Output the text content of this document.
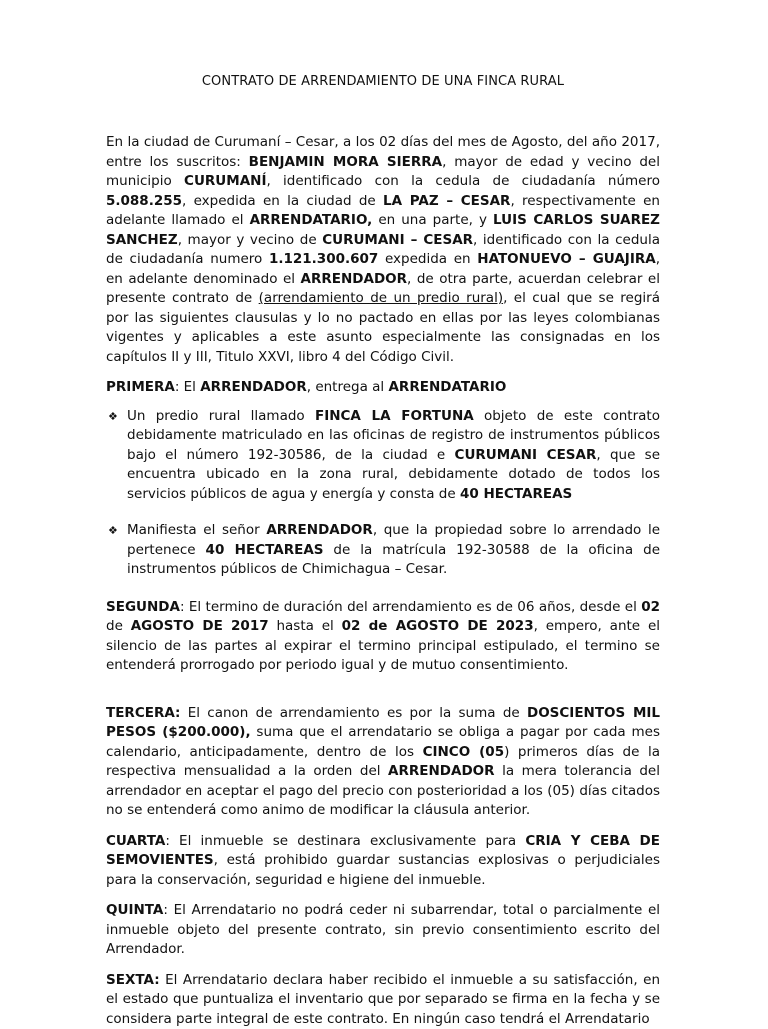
CONTRATO DE ARRENDAMIENTO DE UNA FINCA RURAL

En la ciudad de Curumaní – Cesar, a los 02 días del mes de Agosto, del año 2017, entre los suscritos: BENJAMIN MORA SIERRA, mayor de edad y vecino del municipio CURUMANÍ, identificado con la cedula de ciudadanía número 5.088.255, expedida en la ciudad de LA PAZ – CESAR, respectivamente en adelante llamado el ARRENDATARIO, en una parte, y LUIS CARLOS SUAREZ SANCHEZ, mayor y vecino de CURUMANI – CESAR, identificado con la cedula de ciudadanía numero 1.121.300.607 expedida en HATONUEVO – GUAJIRA, en adelante denominado el ARRENDADOR, de otra parte, acuerdan celebrar el presente contrato de (arrendamiento de un predio rural), el cual que se regirá por las siguientes clausulas y lo no pactado en ellas por las leyes colombianas vigentes y aplicables a este asunto especialmente las consignadas en los capítulos II y III, Titulo XXVI, libro 4 del Código Civil.

PRIMERA: El ARRENDADOR, entrega al ARRENDATARIO

❖ Un predio rural llamado FINCA LA FORTUNA objeto de este contrato debidamente matriculado en las oficinas de registro de instrumentos públicos bajo el número 192-30586, de la ciudad e CURUMANI CESAR, que se encuentra ubicado en la zona rural, debidamente dotado de todos los servicios públicos de agua y energía y consta de 40 HECTAREAS

❖ Manifiesta el señor ARRENDADOR, que la propiedad sobre lo arrendado le pertenece 40 HECTAREAS de la matrícula 192-30588 de la oficina de instrumentos públicos de Chimichagua – Cesar.

SEGUNDA: El termino de duración del arrendamiento es de 06 años, desde el 02 de AGOSTO DE 2017 hasta el 02 de AGOSTO DE 2023, empero, ante el silencio de las partes al expirar el termino principal estipulado, el termino se entenderá prorrogado por periodo igual y de mutuo consentimiento.

TERCERA: El canon de arrendamiento es por la suma de DOSCIENTOS MIL PESOS ($200.000), suma que el arrendatario se obliga a pagar por cada mes calendario, anticipadamente, dentro de los CINCO (05) primeros días de la respectiva mensualidad a la orden del ARRENDADOR la mera tolerancia del arrendador en aceptar el pago del precio con posterioridad a los (05) días citados no se entenderá como animo de modificar la cláusula anterior.

CUARTA: El inmueble se destinara exclusivamente para CRIA Y CEBA DE SEMOVIENTES, está prohibido guardar sustancias explosivas o perjudiciales para la conservación, seguridad e higiene del inmueble.

QUINTA: El Arrendatario no podrá ceder ni subarrendar, total o parcialmente el inmueble objeto del presente contrato, sin previo consentimiento escrito del Arrendador.

SEXTA: El Arrendatario declara haber recibido el inmueble a su satisfacción, en el estado que puntualiza el inventario que por separado se firma en la fecha y se considera parte integral de este contrato. En ningún caso tendrá el Arrendatario
